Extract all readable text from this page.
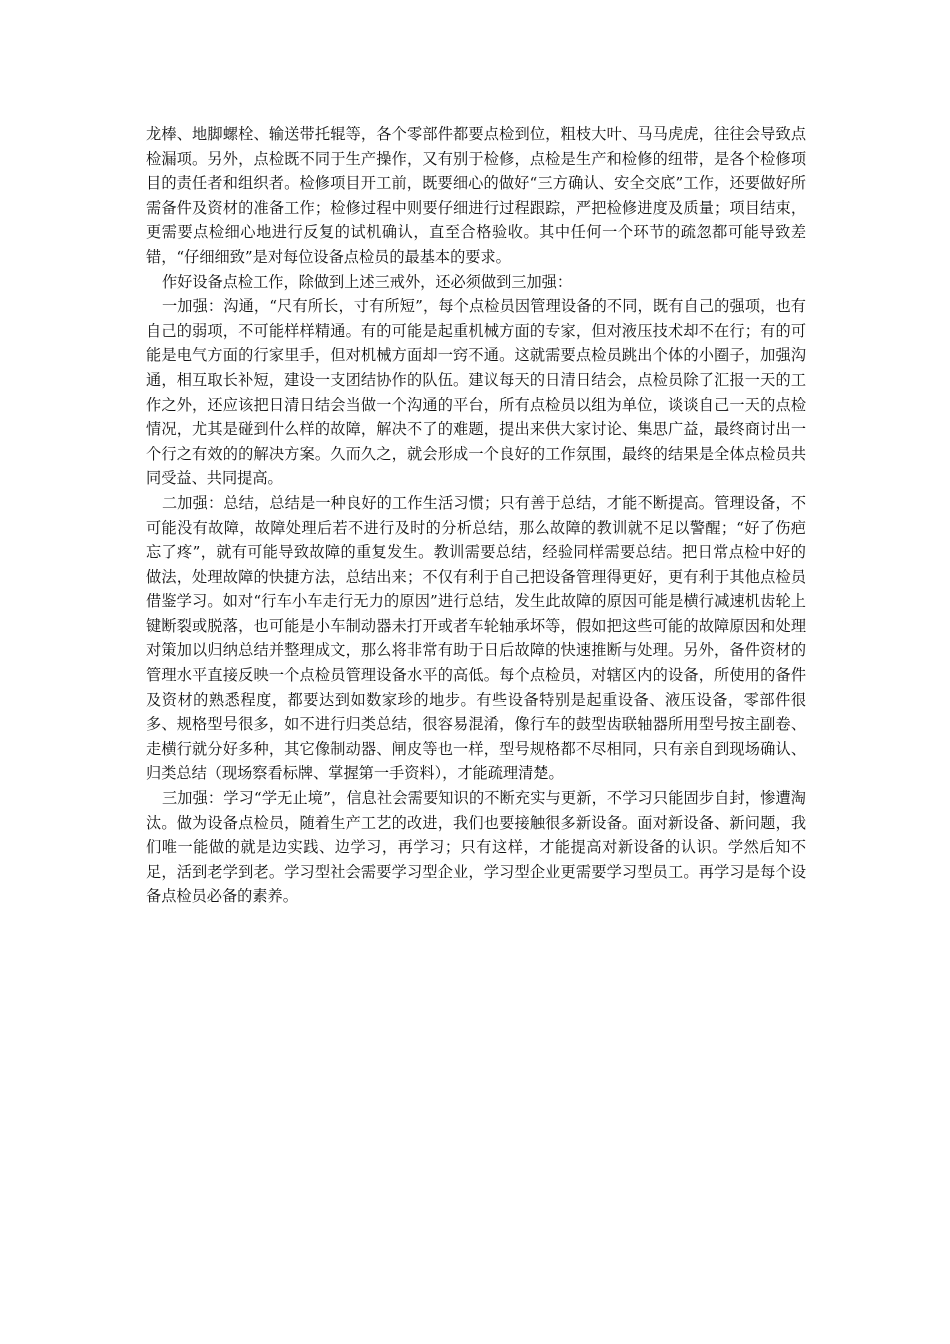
龙棒、地脚螺栓、输送带托辊等，各个零部件都要点检到位，粗枝大叶、马马虎虎，往往会导致点检漏项。另外，点检既不同于生产操作，又有别于检修，点检是生产和检修的纽带，是各个检修项目的责任者和组织者。检修项目开工前，既要细心的做好“三方确认、安全交底”工作，还要做好所需备件及资材的准备工作；检修过程中则要仔细进行过程跟踪，严把检修进度及质量；项目结束，更需要点检细心地进行反复的试机确认，直至合格验收。其中任何一个环节的疏忽都可能导致差错，“仔细细致”是对每位设备点检员的最基本的要求。

作好设备点检工作，除做到上述三戒外，还必须做到三加强：

一加强：沟通，“尺有所长，寸有所短”，每个点检员因管理设备的不同，既有自己的强项，也有自己的弱项，不可能样样精通。有的可能是起重机械方面的专家，但对液压技术却不在行；有的可能是电气方面的行家里手，但对机械方面却一窍不通。这就需要点检员跳出个体的小圈子，加强沟通，相互取长补短，建设一支团结协作的队伍。建议每天的日清日结会，点检员除了汇报一天的工作之外，还应该把日清日结会当做一个沟通的平台，所有点检员以组为单位，谈谈自己一天的点检情况，尤其是碰到什么样的故障，解决不了的难题，提出来供大家讨论、集思广益，最终商讨出一个行之有效的的解决方案。久而久之，就会形成一个良好的工作氛围，最终的结果是全体点检员共同受益、共同提高。

二加强：总结，总结是一种良好的工作生活习惯；只有善于总结，才能不断提高。管理设备，不可能没有故障，故障处理后若不进行及时的分析总结，那么故障的教训就不足以警醒；“好了伤疤忘了疼”，就有可能导致故障的重复发生。教训需要总结，经验同样需要总结。把日常点检中好的做法，处理故障的快捷方法，总结出来；不仅有利于自己把设备管理得更好，更有利于其他点检员借鉴学习。如对“行车小车走行无力的原因”进行总结，发生此故障的原因可能是横行减速机齿轮上键断裂或脱落，也可能是小车制动器未打开或者车轮轴承坏等，假如把这些可能的故障原因和处理对策加以归纳总结并整理成文，那么将非常有助于日后故障的快速推断与处理。另外，备件资材的管理水平直接反映一个点检员管理设备水平的高低。每个点检员，对辖区内的设备，所使用的备件及资材的熟悉程度，都要达到如数家珍的地步。有些设备特别是起重设备、液压设备，零部件很多、规格型号很多，如不进行归类总结，很容易混淆，像行车的鼓型齿联轴器所用型号按主副卷、走横行就分好多种，其它像制动器、闸皮等也一样，型号规格都不尽相同，只有亲自到现场确认、归类总结（现场察看标牌、掌握第一手资料），才能疏理清楚。

三加强：学习“学无止境”，信息社会需要知识的不断充实与更新，不学习只能固步自封，惨遭淘汰。做为设备点检员，随着生产工艺的改进，我们也要接触很多新设备。面对新设备、新问题，我们唯一能做的就是边实践、边学习，再学习；只有这样，才能提高对新设备的认识。学然后知不足，活到老学到老。学习型社会需要学习型企业，学习型企业更需要学习型员工。再学习是每个设备点检员必备的素养。
